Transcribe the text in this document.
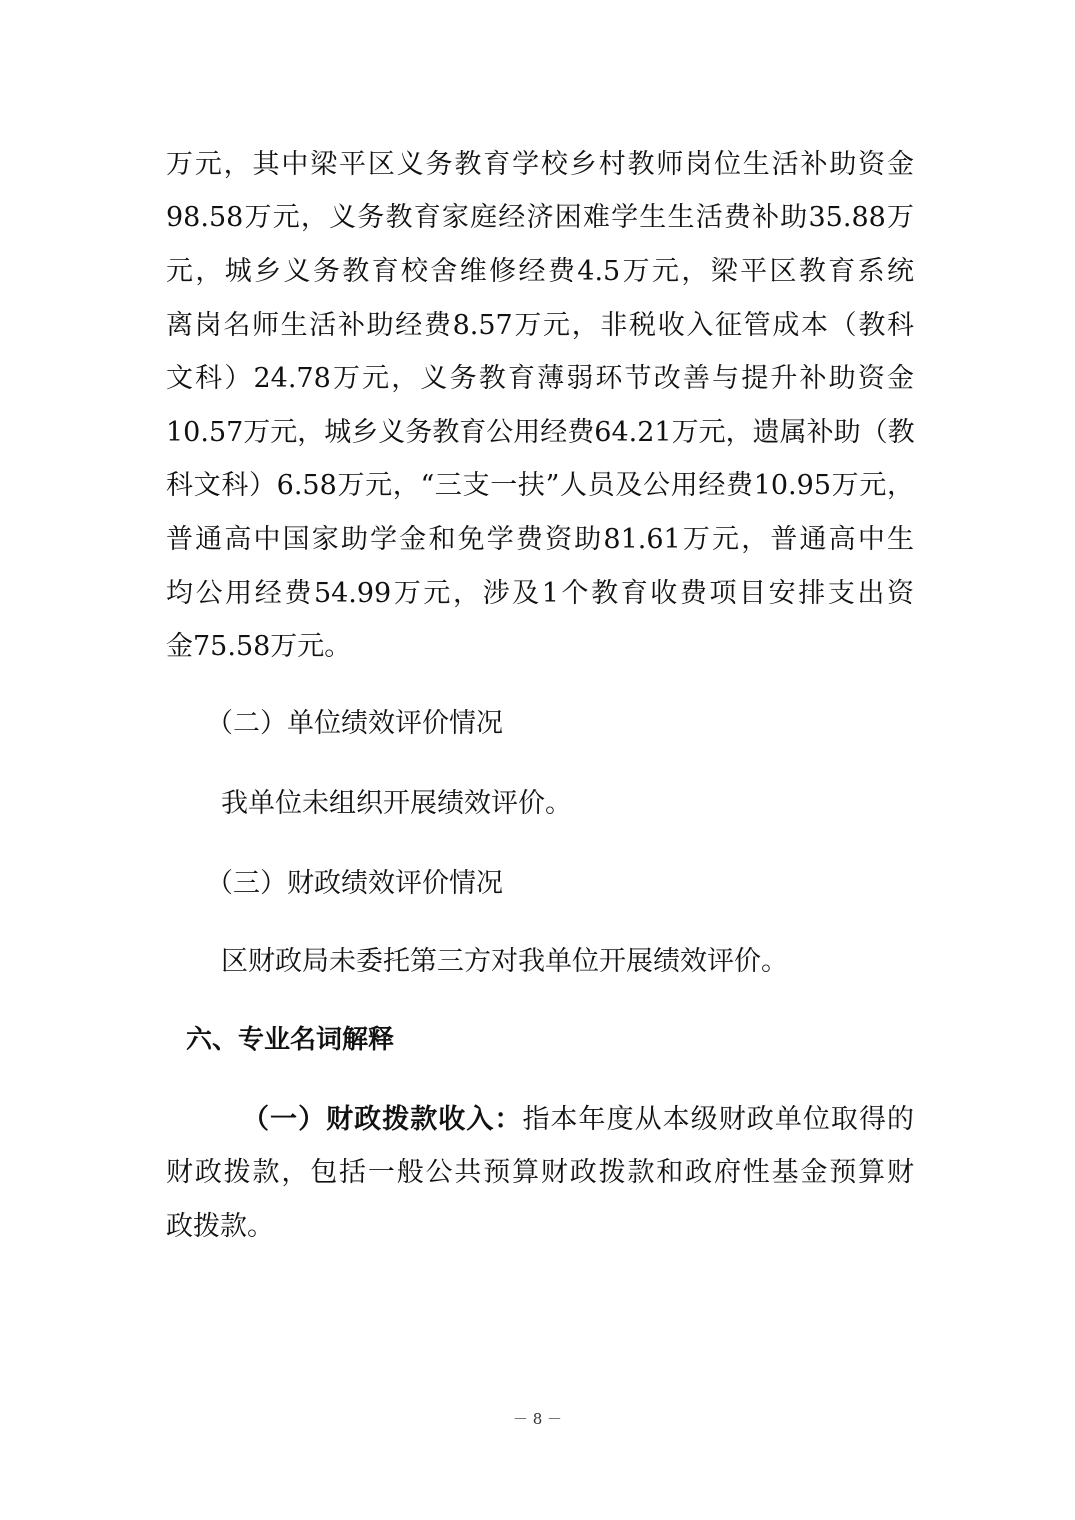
万元，其中梁平区义务教育学校乡村教师岗位生活补助资金
98.58万元，义务教育家庭经济困难学生生活费补助35.88万
元，城乡义务教育校舍维修经费4.5万元，梁平区教育系统
离岗名师生活补助经费8.57万元，非税收入征管成本（教科
文科）24.78万元，义务教育薄弱环节改善与提升补助资金
10.57万元，城乡义务教育公用经费64.21万元，遗属补助（教
科文科）6.58万元，“三支一扶”人员及公用经费10.95万元，
普通高中国家助学金和免学费资助81.61万元，普通高中生
均公用经费54.99万元，涉及1个教育收费项目安排支出资
金75.58万元。
（二）单位绩效评价情况
我单位未组织开展绩效评价。
（三）财政绩效评价情况
区财政局未委托第三方对我单位开展绩效评价。
六、专业名词解释
（一）财政拨款收入：指本年度从本级财政单位取得的
财政拨款，包括一般公共预算财政拨款和政府性基金预算财
政拨款。
－ 8 －
